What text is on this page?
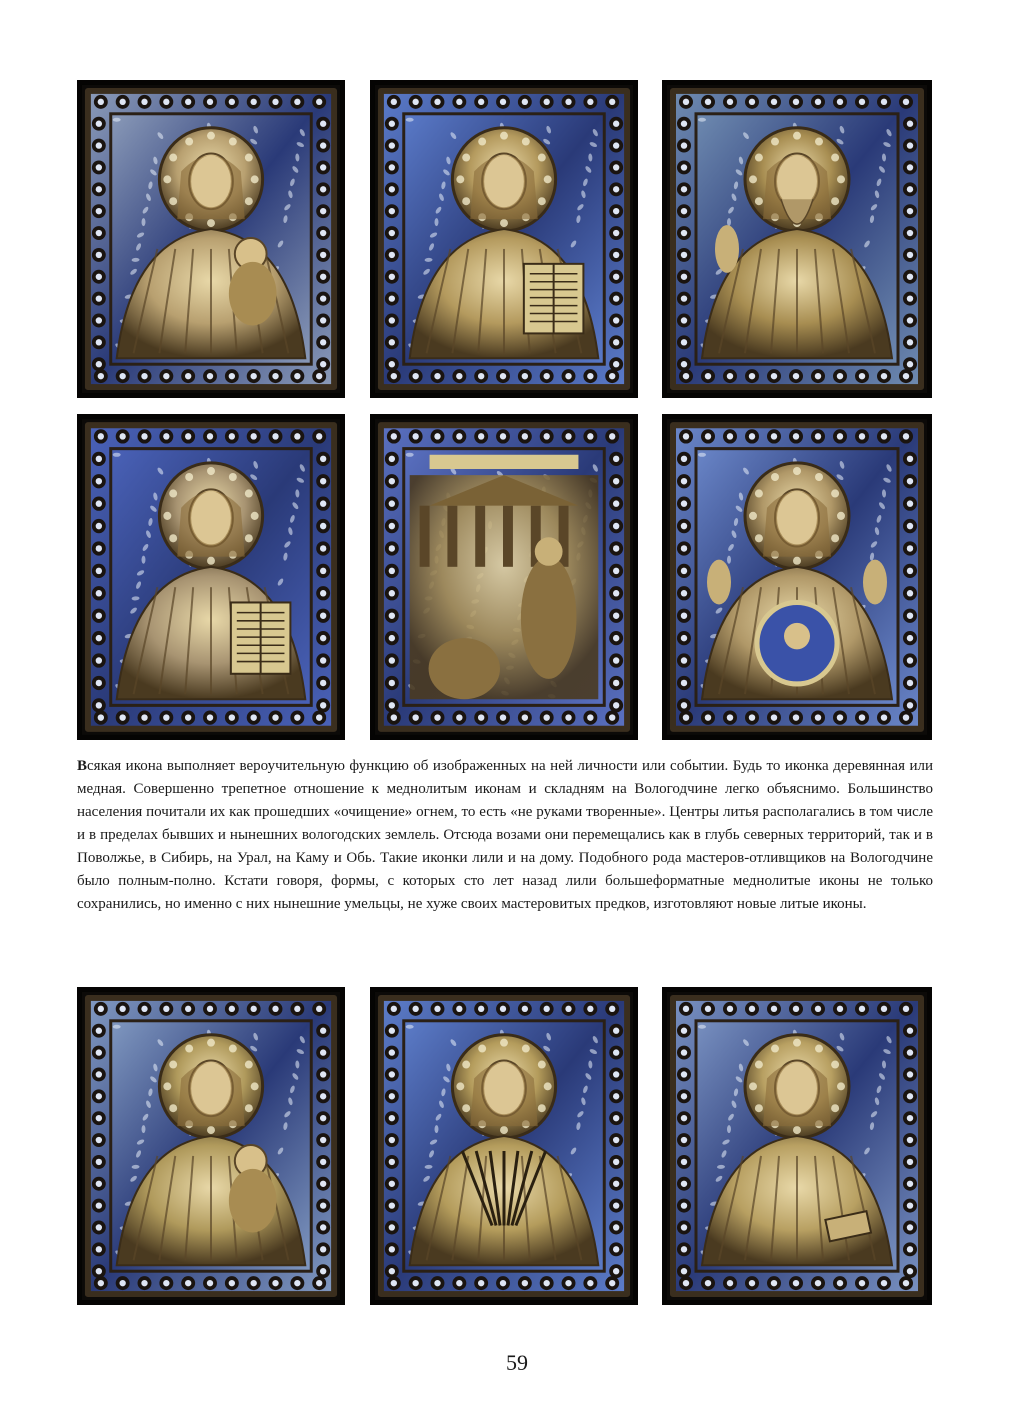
Всякая икона выполняет вероучительную функцию об изображенных на ней личности или событии. Будь то иконка деревянная или медная. Совершенно трепетное отношение к меднолитым иконам и складням на Вологодчине легко объяснимо. Большинство населения почитали их как прошедших «очищение» огнем, то есть «не руками творенные». Центры литья располагались в том числе и в пределах бывших и нынешних вологодских землель. Отсюда возами они перемещались как в глубь северных территорий, так и в Поволжье, в Сибирь, на Урал, на Каму и Обь. Такие иконки лили и на дому. Подобного рода мастеров-отливщиков на Вологодчине было полным-полно. Кстати говоря, формы, с которых сто лет назад лили большеформатные меднолитые иконы не только сохранились, но именно с них нынешние умельцы, не хуже своих мастеровитых предков, изготовляют новые литые иконы.

59
